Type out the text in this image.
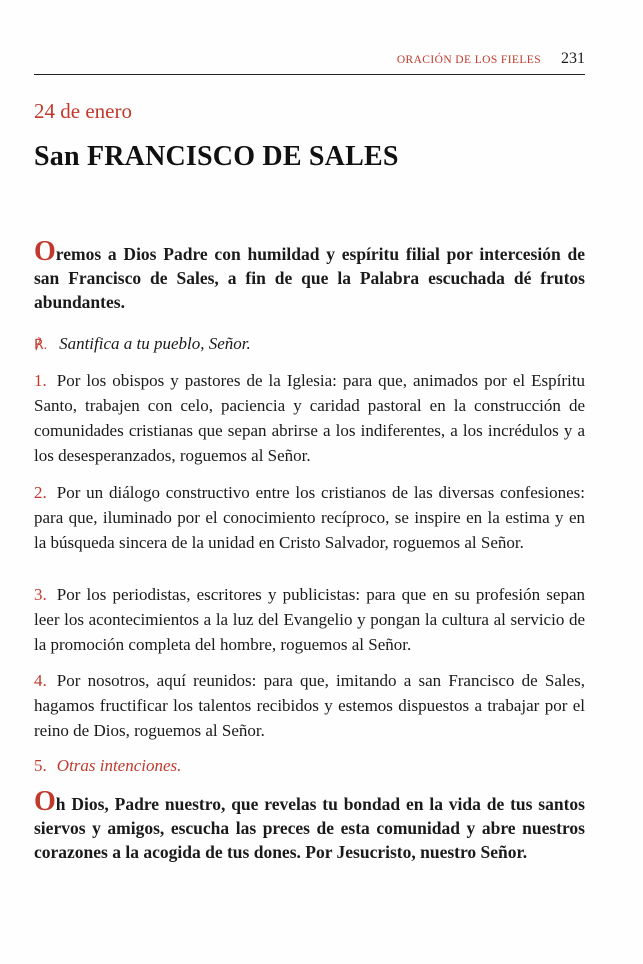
ORACIÓN DE LOS FIELES 231
24 de enero
San FRANCISCO DE SALES
Oremos a Dios Padre con humildad y espíritu filial por intercesión de san Francisco de Sales, a fin de que la Palabra escuchada dé frutos abundantes.
℟. Santifica a tu pueblo, Señor.
1. Por los obispos y pastores de la Iglesia: para que, animados por el Espíritu Santo, trabajen con celo, paciencia y caridad pastoral en la construcción de comunidades cristianas que sepan abrirse a los indiferentes, a los incrédulos y a los desesperanzados, roguemos al Señor.
2. Por un diálogo constructivo entre los cristianos de las diversas confesiones: para que, iluminado por el conocimiento recíproco, se inspire en la estima y en la búsqueda sincera de la unidad en Cristo Salvador, roguemos al Señor.
3. Por los periodistas, escritores y publicistas: para que en su profesión sepan leer los acontecimientos a la luz del Evangelio y pongan la cultura al servicio de la promoción completa del hombre, roguemos al Señor.
4. Por nosotros, aquí reunidos: para que, imitando a san Francisco de Sales, hagamos fructificar los talentos recibidos y estemos dispuestos a trabajar por el reino de Dios, roguemos al Señor.
5. Otras intenciones.
Oh Dios, Padre nuestro, que revelas tu bondad en la vida de tus santos siervos y amigos, escucha las preces de esta comunidad y abre nuestros corazones a la acogida de tus dones. Por Jesucristo, nuestro Señor.
